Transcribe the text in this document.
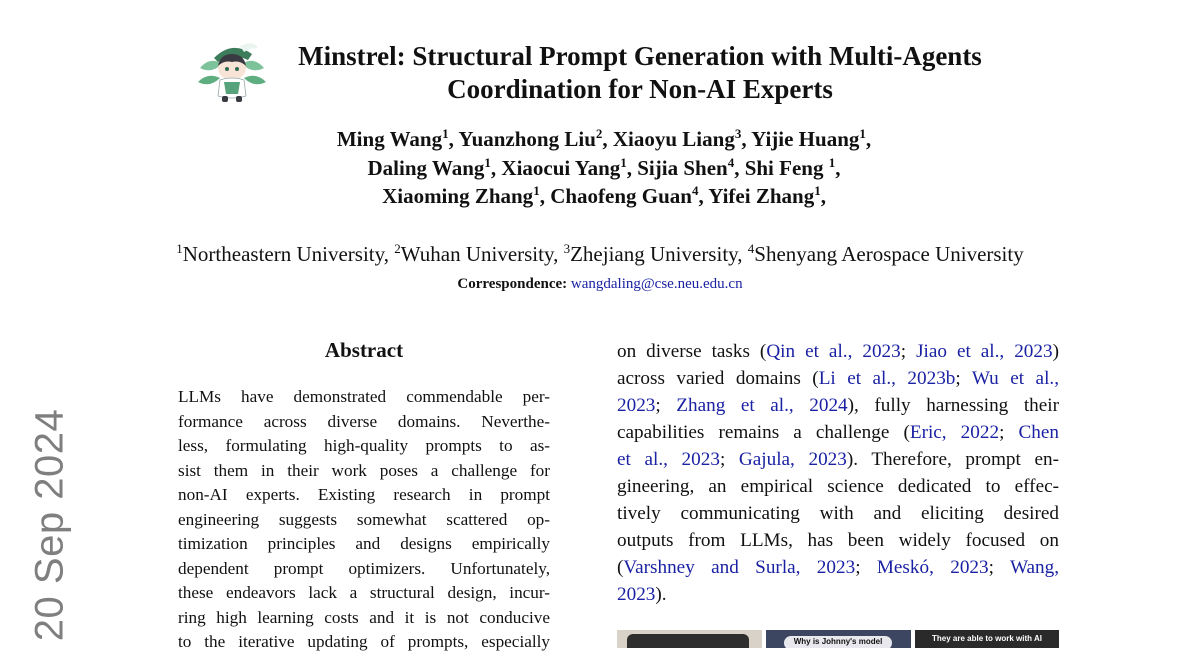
Minstrel: Structural Prompt Generation with Multi-Agents
Coordination for Non-AI Experts
Ming Wang$^1$, Yuanzhong Liu$^2$, Xiaoyu Liang$^3$, Yijie Huang$^1$,
Daling Wang$^1$, Xiaocui Yang$^1$, Sijia Shen$^4$, Shi Feng $^1$,
Xiaoming Zhang$^1$, Chaofeng Guan$^4$, Yifei Zhang$^1$,
$^1$Northeastern University, $^2$Wuhan University, $^3$Zhejiang University, $^4$Shenyang Aerospace University
Correspondence: wangdaling@cse.neu.edu.cn
20 Sep 2024
Abstract
LLMs have demonstrated commendable per-
formance across diverse domains. Neverthe-
less, formulating high-quality prompts to as-
sist them in their work poses a challenge for
non-AI experts. Existing research in prompt
engineering suggests somewhat scattered op-
timization principles and designs empirically
dependent prompt optimizers. Unfortunately,
these endeavors lack a structural design, incur-
ring high learning costs and it is not conducive
to the iterative updating of prompts, especially
on diverse tasks (Qin et al., 2023; Jiao et al., 2023)
across varied domains (Li et al., 2023b; Wu et al.,
2023; Zhang et al., 2024), fully harnessing their
capabilities remains a challenge (Eric, 2022; Chen
et al., 2023; Gajula, 2023). Therefore, prompt en-
gineering, an empirical science dedicated to effec-
tively communicating with and eliciting desired
outputs from LLMs, has been widely focused on
(Varshney and Surla, 2023; Meskó, 2023; Wang,
2023).
Why is Johnny's model	They are able to work with AI
